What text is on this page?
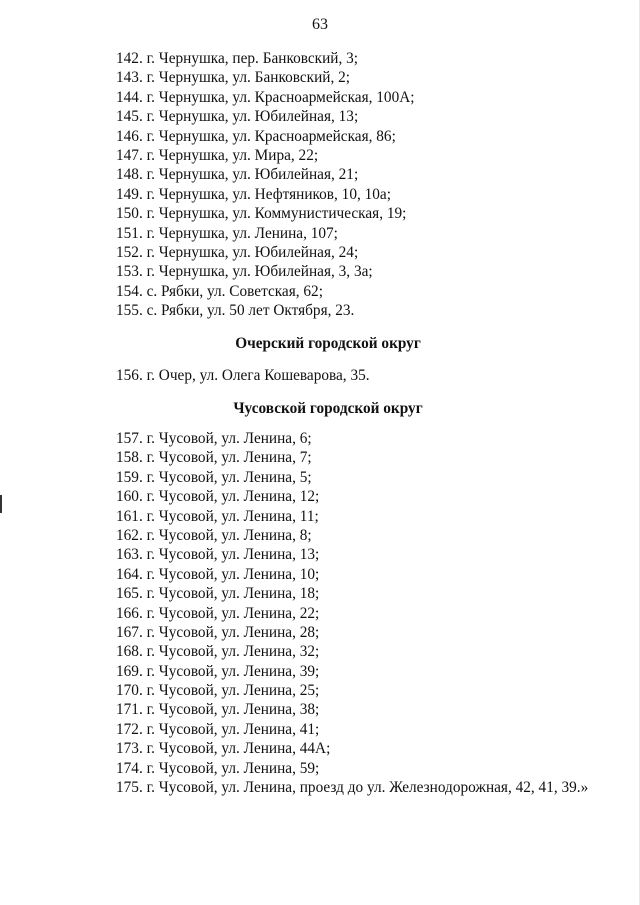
63
142. г. Чернушка, пер. Банковский, 3;
143. г. Чернушка, ул. Банковский, 2;
144. г. Чернушка, ул. Красноармейская, 100А;
145. г. Чернушка, ул. Юбилейная, 13;
146. г. Чернушка, ул. Красноармейская, 86;
147. г. Чернушка, ул. Мира, 22;
148. г. Чернушка, ул. Юбилейная, 21;
149. г. Чернушка, ул. Нефтяников, 10, 10а;
150. г. Чернушка, ул. Коммунистическая, 19;
151. г. Чернушка, ул. Ленина, 107;
152. г. Чернушка, ул. Юбилейная, 24;
153. г. Чернушка, ул. Юбилейная, 3, 3а;
154. с. Рябки, ул. Советская, 62;
155. с. Рябки, ул. 50 лет Октября, 23.
Очерский городской округ
156. г. Очер, ул. Олега Кошеварова, 35.
Чусовской городской округ
157. г. Чусовой, ул. Ленина, 6;
158. г. Чусовой, ул. Ленина, 7;
159. г. Чусовой, ул. Ленина, 5;
160. г. Чусовой, ул. Ленина, 12;
161. г. Чусовой, ул. Ленина, 11;
162. г. Чусовой, ул. Ленина, 8;
163. г. Чусовой, ул. Ленина, 13;
164. г. Чусовой, ул. Ленина, 10;
165. г. Чусовой, ул. Ленина, 18;
166. г. Чусовой, ул. Ленина, 22;
167. г. Чусовой, ул. Ленина, 28;
168. г. Чусовой, ул. Ленина, 32;
169. г. Чусовой, ул. Ленина, 39;
170. г. Чусовой, ул. Ленина, 25;
171. г. Чусовой, ул. Ленина, 38;
172. г. Чусовой, ул. Ленина, 41;
173. г. Чусовой, ул. Ленина, 44А;
174. г. Чусовой, ул. Ленина, 59;
175. г. Чусовой, ул. Ленина, проезд до ул. Железнодорожная, 42, 41, 39.»
